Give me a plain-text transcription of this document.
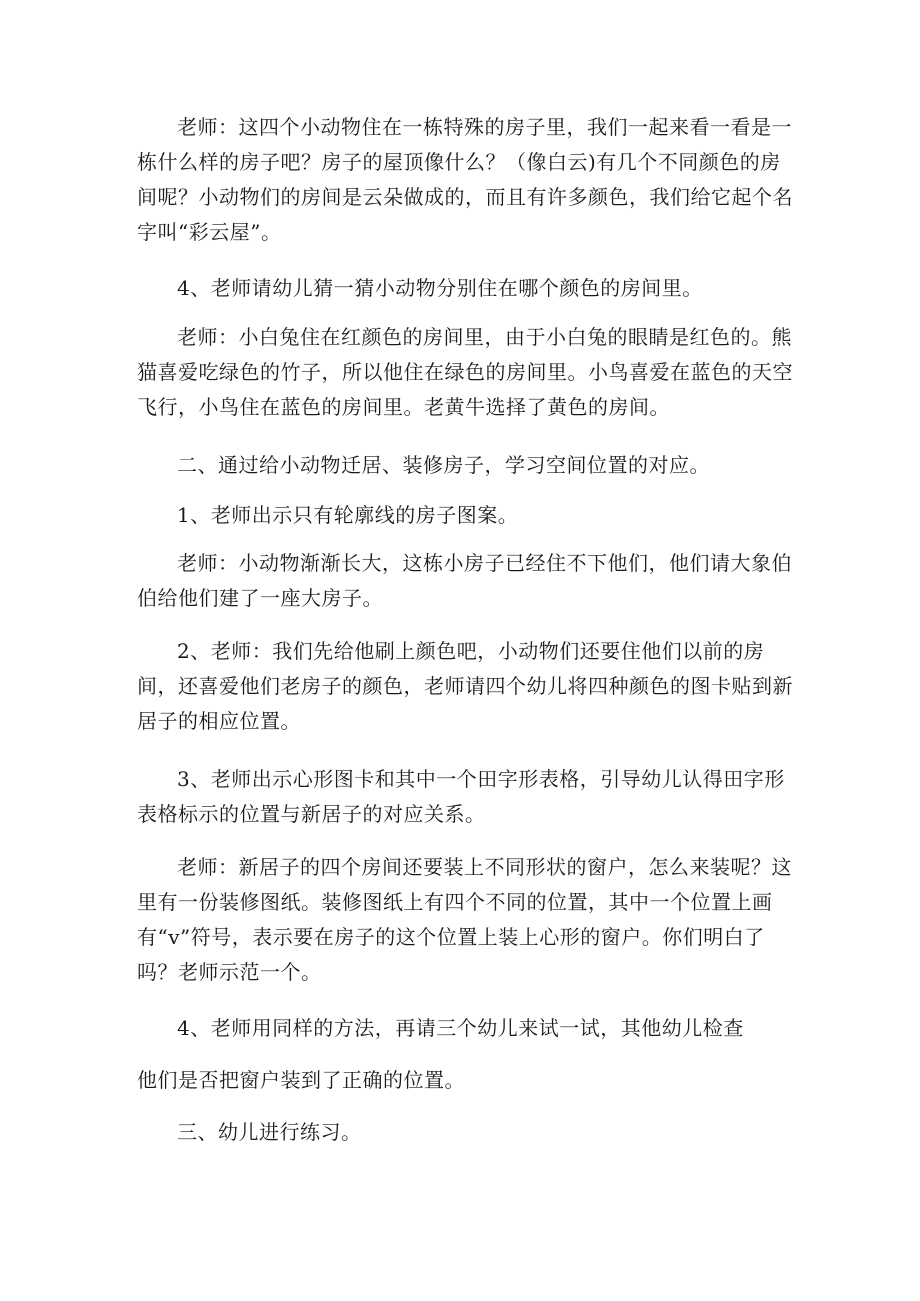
老师：这四个小动物住在一栋特殊的房子里，我们一起来看一看是一栋什么样的房子吧？房子的屋顶像什么？（像白云)有几个不同颜色的房间呢？小动物们的房间是云朵做成的，而且有许多颜色，我们给它起个名字叫“彩云屋”。

4、老师请幼儿猜一猜小动物分别住在哪个颜色的房间里。

老师：小白兔住在红颜色的房间里，由于小白兔的眼睛是红色的。熊猫喜爱吃绿色的竹子，所以他住在绿色的房间里。小鸟喜爱在蓝色的天空飞行，小鸟住在蓝色的房间里。老黄牛选择了黄色的房间。

二、通过给小动物迁居、装修房子，学习空间位置的对应。

1、老师出示只有轮廓线的房子图案。

老师：小动物渐渐长大，这栋小房子已经住不下他们，他们请大象伯伯给他们建了一座大房子。

2、老师：我们先给他刷上颜色吧，小动物们还要住他们以前的房间，还喜爱他们老房子的颜色，老师请四个幼儿将四种颜色的图卡贴到新居子的相应位置。

3、老师出示心形图卡和其中一个田字形表格，引导幼儿认得田字形表格标示的位置与新居子的对应关系。

老师：新居子的四个房间还要装上不同形状的窗户，怎么来装呢？这里有一份装修图纸。装修图纸上有四个不同的位置，其中一个位置上画有“v”符号，表示要在房子的这个位置上装上心形的窗户。你们明白了吗？老师示范一个。

4、老师用同样的方法，再请三个幼儿来试一试，其他幼儿检查

他们是否把窗户装到了正确的位置。

三、幼儿进行练习。
